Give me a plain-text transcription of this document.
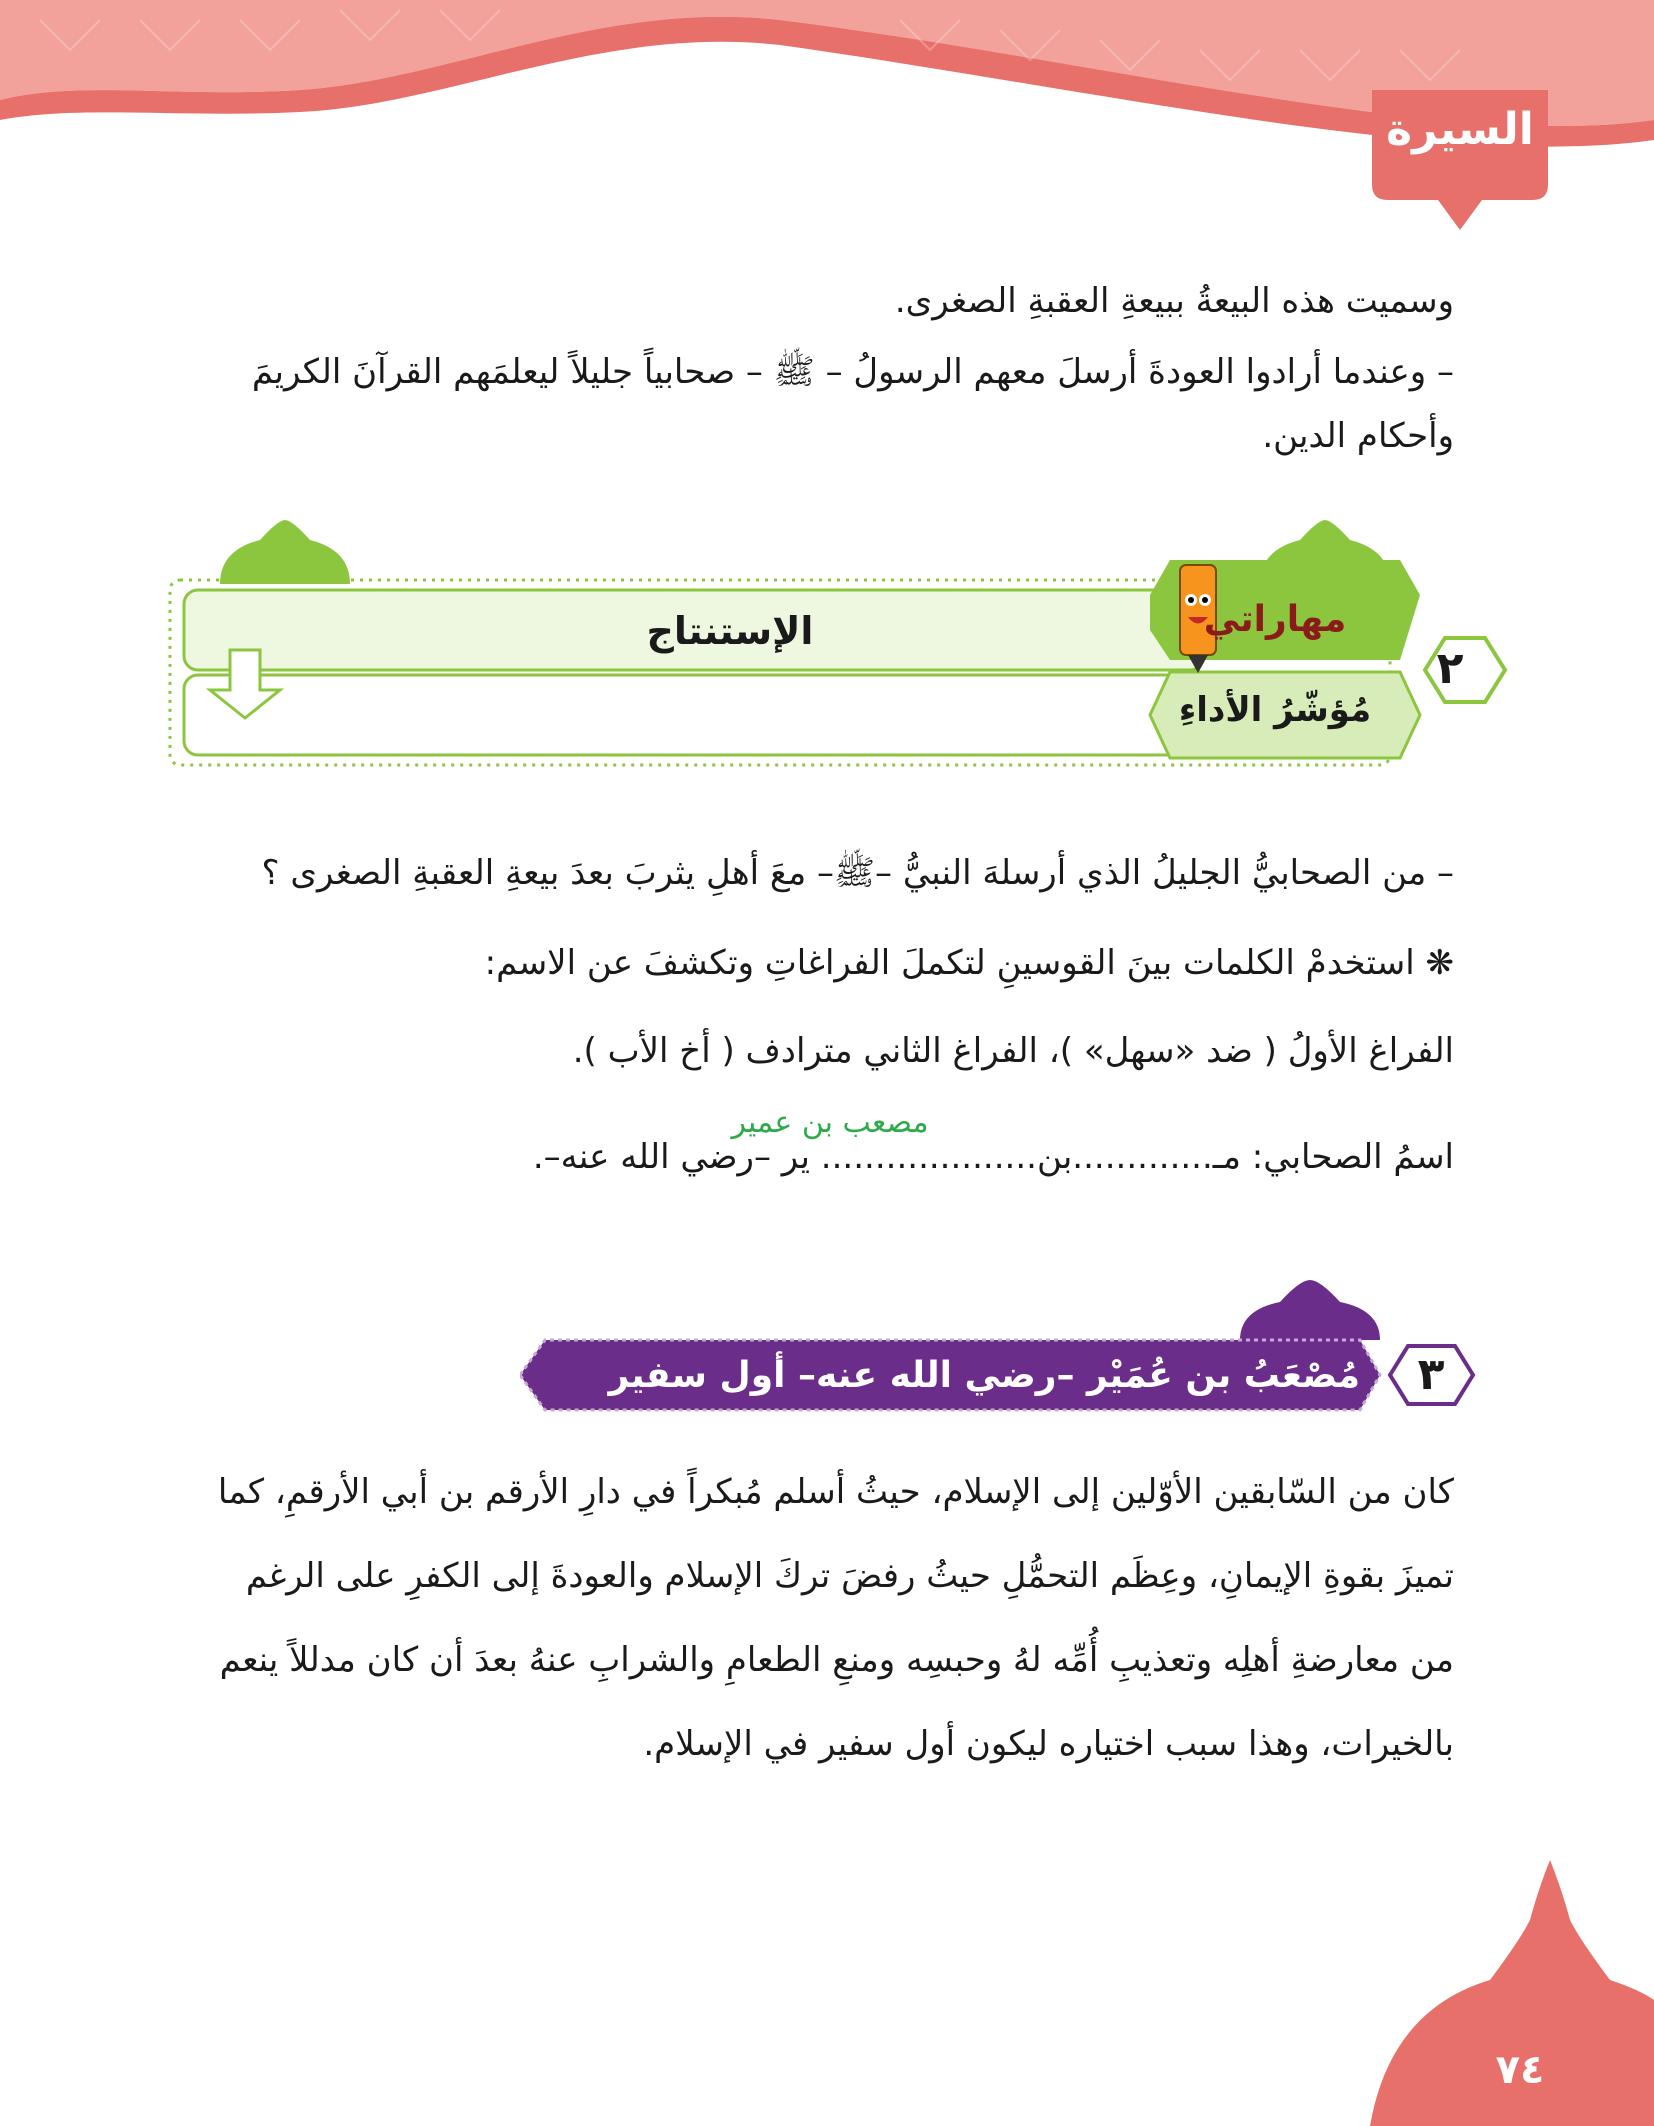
السيرة
وسميت هذه البيعةُ ببيعةِ العقبةِ الصغرى.
– وعندما أرادوا العودةَ أرسلَ معهم الرسولُ – ﷺ – صحابياً جليلاً ليعلمَهم القرآنَ الكريمَ وأحكام الدين.
الإستنتاج	مهاراتي
مُؤشّرُ الأداءِ
٢
– من الصحابيُّ الجليلُ الذي أرسلهَ النبيُّ –ﷺ– معَ أهلِ يثربَ بعدَ بيعةِ العقبةِ الصغرى ؟
❋ استخدمْ الكلمات بينَ القوسينِ لتكملَ الفراغاتِ وتكشفَ عن الاسم:
الفراغ الأولُ ( ضد «سهل» )، الفراغ الثاني مترادف ( أخ الأب ).
مصعب بن عمير
اسمُ الصحابي: مـ.............بن.................... ير –رضي الله عنه–.
مُصْعَبُ بن عُمَيْر –رضي الله عنه– أول سفير في الإسلام.
٣
كان من السّابقين الأوّلين إلى الإسلام، حيثُ أسلم مُبكراً في دارِ الأرقم بن أبي الأرقمِ، كما تميزَ بقوةِ الإيمانِ، وعِظَم التحمُّلِ حيثُ رفضَ تركَ الإسلام والعودةَ إلى الكفرِ على الرغم من معارضةِ أهلِه وتعذيبِ أُمِّه لهُ وحبسِه ومنعِ الطعامِ والشرابِ عنهُ بعدَ أن كان مدللاً ينعم بالخيرات، وهذا سبب اختياره ليكون أول سفير في الإسلام.
٧٤
